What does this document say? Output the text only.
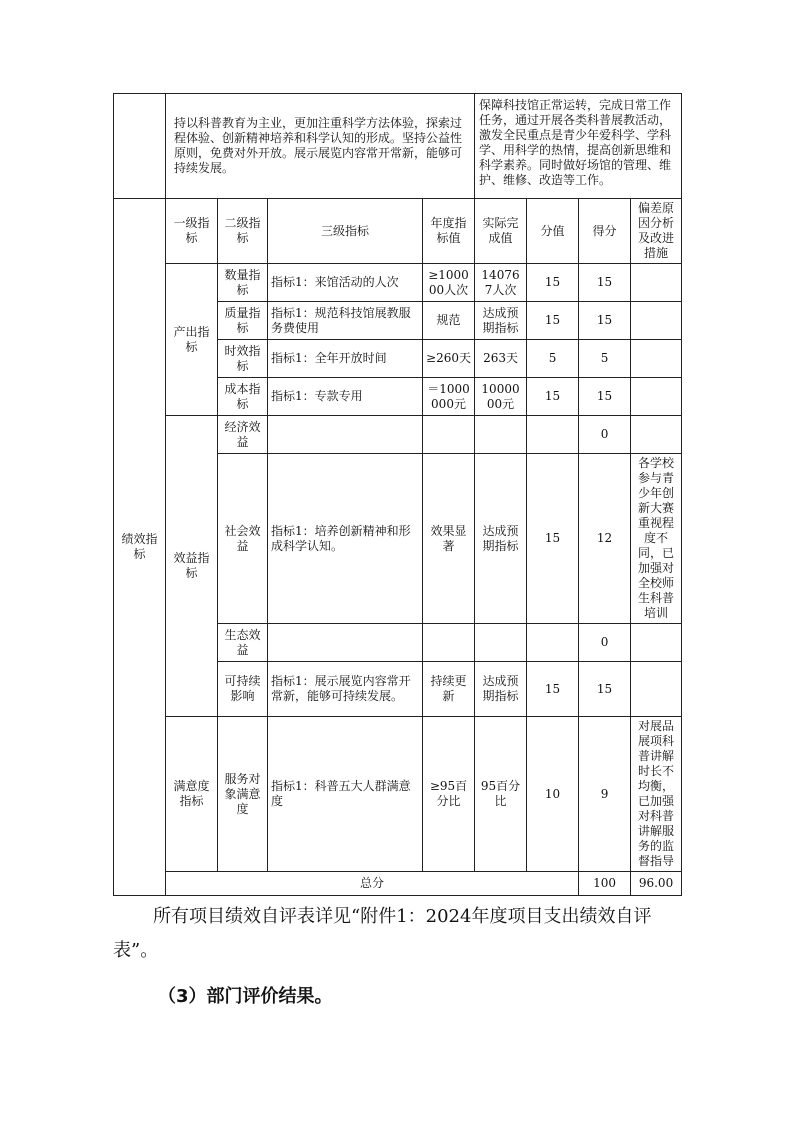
	持以科普教育为主业，更加注重科学方法体验，探索过程体验、创新精神培养和科学认知的形成。坚持公益性原则，免费对外开放。展示展览内容常开常新，能够可持续发展。				保障科技馆正常运转，完成日常工作任务，通过开展各类科普展教活动，激发全民重点是青少年爱科学、学科学、用科学的热情，提高创新思维和科学素养。同时做好场馆的管理、维护、维修、改造等工作。				
绩效指标	一级指标	二级指标	三级指标	年度指标值	实际完成值	分值	得分	偏差原因分析及改进措施	
	产出指标	数量指标	指标1：来馆活动的人次	≥100000人次	140767人次	15	15		
		质量指标	指标1：规范科技馆展教服务费使用	规范	达成预期指标	15	15		
		时效指标	指标1：全年开放时间	≥260天	263天	5	5		
		成本指标	指标1：专款专用	＝1000000元	1000000元	15	15		
	效益指标	经济效益					0		
		社会效益	指标1：培养创新精神和形成科学认知。	效果显著	达成预期指标	15	12	各学校参与青少年创新大赛重视程度不同，已加强对全校师生科普培训	
		生态效益					0		
		可持续影响	指标1：展示展览内容常开常新，能够可持续发展。	持续更新	达成预期指标	15	15		
	满意度指标	服务对象满意度	指标1：科普五大人群满意度	≥95百分比	95百分比	10	9	对展品展项科普讲解时长不均衡，已加强对科普讲解服务的监督指导	
	总分						100	96.00	
所有项目绩效自评表详见“附件1：2024年度项目支出绩效自评表”。
（3）部门评价结果。
